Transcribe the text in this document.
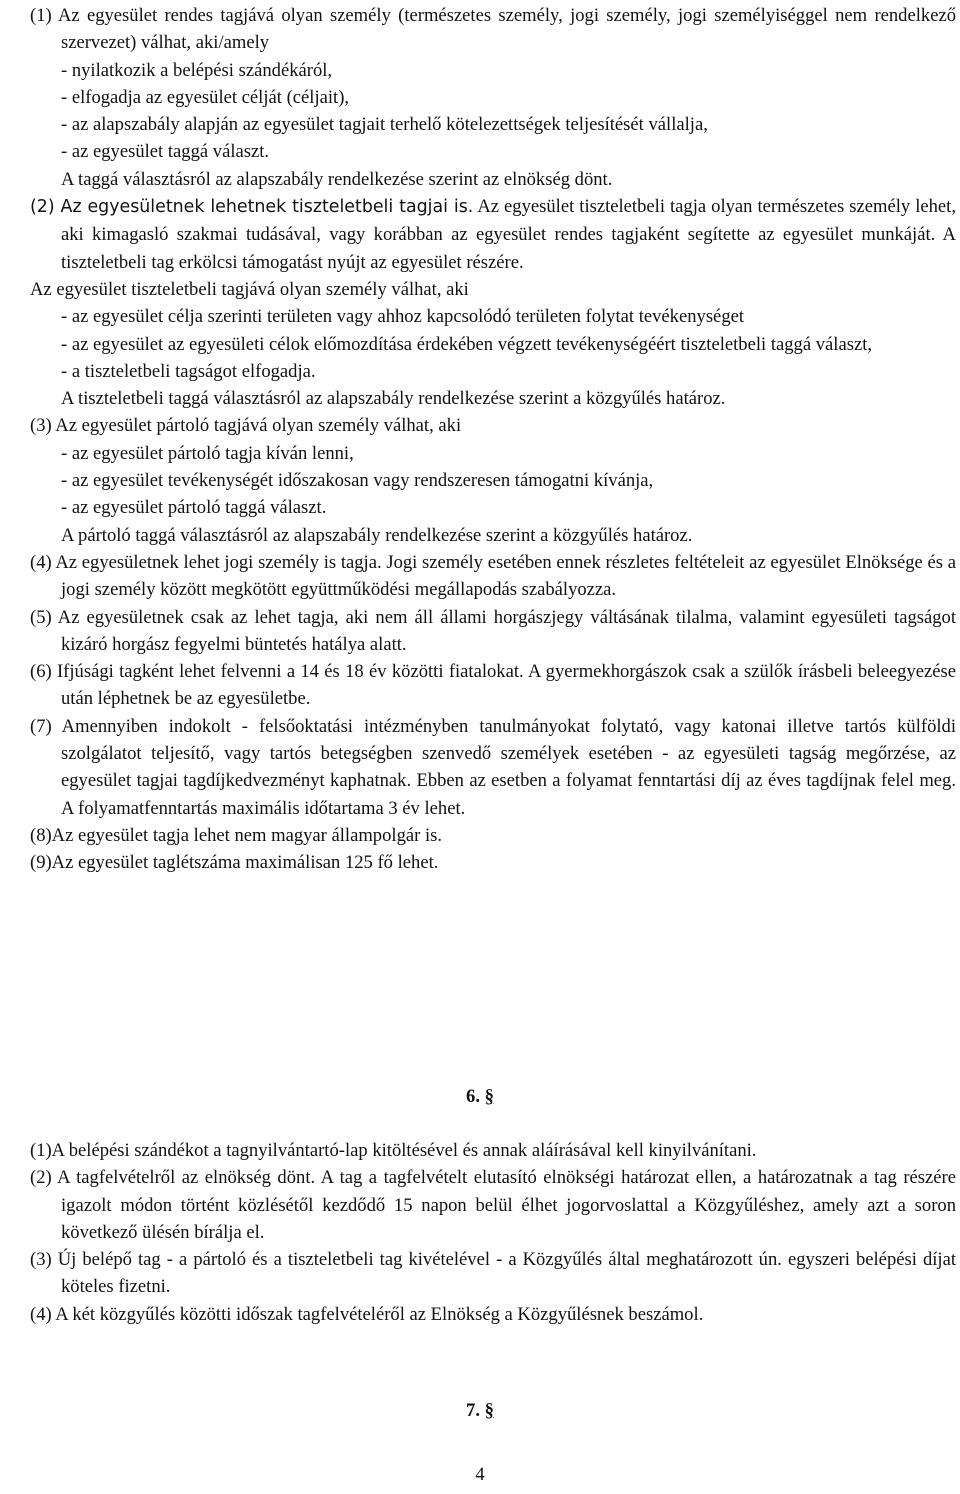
(1) Az egyesület rendes tagjává olyan személy (természetes személy, jogi személy, jogi személyiséggel nem rendelkező szervezet) válhat, aki/amely

- nyilatkozik a belépési szándékáról,

- elfogadja az egyesület célját (céljait),

- az alapszabály alapján az egyesület tagjait terhelő kötelezettségek teljesítését vállalja,

- az egyesület taggá választ.

A taggá választásról az alapszabály rendelkezése szerint az elnökség dönt.

(2) Az egyesületnek lehetnek tiszteletbeli tagjai is. Az egyesület tiszteletbeli tagja olyan természetes személy lehet, aki kimagasló szakmai tudásával, vagy korábban az egyesület rendes tagjaként segítette az egyesület munkáját. A tiszteletbeli tag erkölcsi támogatást nyújt az egyesület részére.

Az egyesület tiszteletbeli tagjává olyan személy válhat, aki

- az egyesület célja szerinti területen vagy ahhoz kapcsolódó területen folytat tevékenységet

- az egyesület az egyesületi célok előmozdítása érdekében végzett tevékenységéért tiszteletbeli taggá választ,

- a tiszteletbeli tagságot elfogadja.

A tiszteletbeli taggá választásról az alapszabály rendelkezése szerint a közgyűlés határoz.

(3) Az egyesület pártoló tagjává olyan személy válhat, aki

- az egyesület pártoló tagja kíván lenni,

- az egyesület tevékenységét időszakosan vagy rendszeresen támogatni kívánja,

- az egyesület pártoló taggá választ.

A pártoló taggá választásról az alapszabály rendelkezése szerint a közgyűlés határoz.

(4) Az egyesületnek lehet jogi személy is tagja. Jogi személy esetében ennek részletes feltételeit az egyesület Elnöksége és a jogi személy között megkötött együttműködési megállapodás szabályozza.

(5) Az egyesületnek csak az lehet tagja, aki nem áll állami horgászjegy váltásának tilalma, valamint egyesületi tagságot kizáró horgász fegyelmi büntetés hatálya alatt.

(6) Ifjúsági tagként lehet felvenni a 14 és 18 év közötti fiatalokat. A gyermekhorgászok csak a szülők írásbeli beleegyezése után léphetnek be az egyesületbe.

(7) Amennyiben indokolt - felsőoktatási intézményben tanulmányokat folytató, vagy katonai illetve tartós külföldi szolgálatot teljesítő, vagy tartós betegségben szenvedő személyek esetében - az egyesületi tagság megőrzése, az egyesület tagjai tagdíjkedvezményt kaphatnak. Ebben az esetben a folyamat fenntartási díj az éves tagdíjnak felel meg. A folyamatfenntartás maximális időtartama 3 év lehet.

(8)Az egyesület tagja lehet nem magyar állampolgár is.

(9)Az egyesület taglétszáma maximálisan 125 fő lehet.

6. §

(1)A belépési szándékot a tagnyilvántartó-lap kitöltésével és annak aláírásával kell kinyilvánítani.

(2) A tagfelvételről az elnökség dönt. A tag a tagfelvételt elutasító elnökségi határozat ellen, a határozatnak a tag részére igazolt módon történt közlésétől kezdődő 15 napon belül élhet jogorvoslattal a Közgyűléshez, amely azt a soron következő ülésén bírálja el.

(3) Új belépő tag - a pártoló és a tiszteletbeli tag kivételével - a Közgyűlés által meghatározott ún. egyszeri belépési díjat köteles fizetni.

(4) A két közgyűlés közötti időszak tagfelvételéről az Elnökség a Közgyűlésnek beszámol.

7. §
4
